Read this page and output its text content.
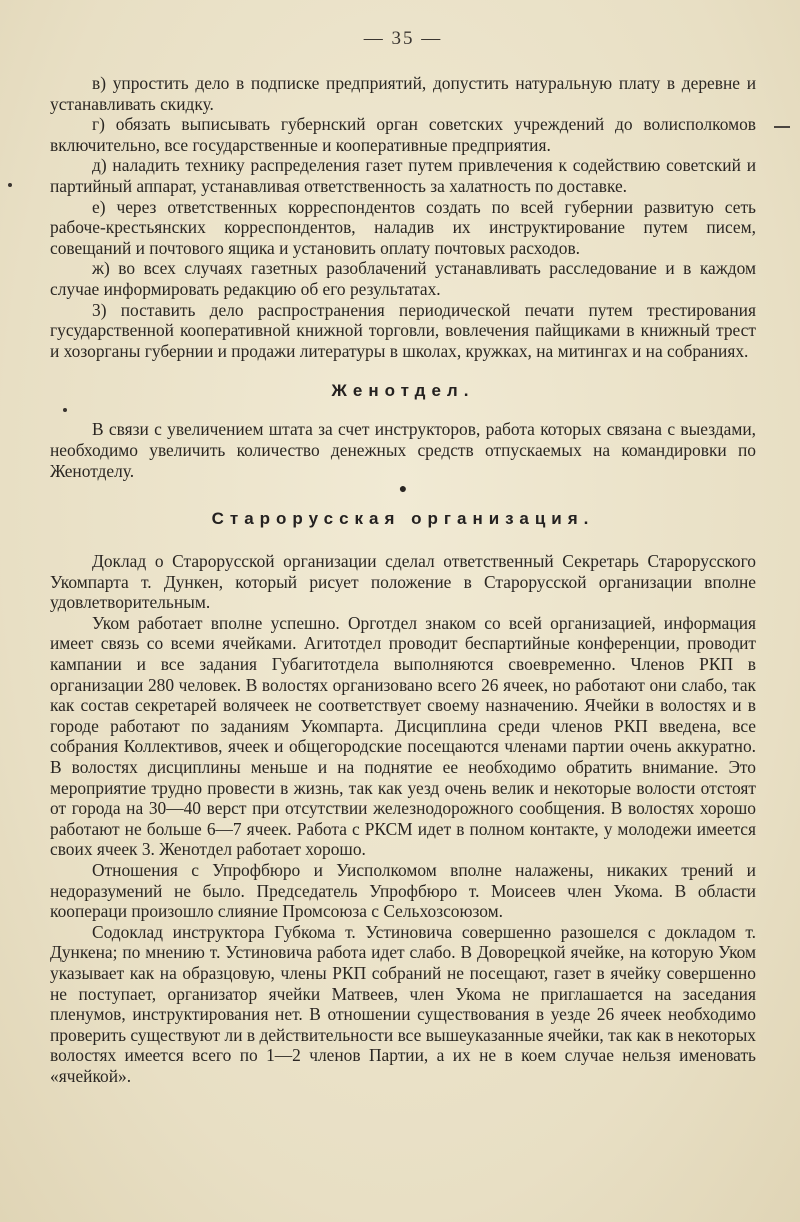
— 35 —

в) упростить дело в подписке предприятий, допустить натуральную плату в деревне и устанавливать скидку.

г) обязать выписывать губернский орган советских учреждений до волисполкомов включительно, все государственные и кооперативные предприятия.

д) наладить технику распределения газет путем привлечения к содействию советский и партийный аппарат, устанавливая ответственность за халатность по доставке.

е) через ответственных корреспондентов создать по всей губернии развитую сеть рабоче-крестьянских корреспондентов, наладив их инструктирование путем писем, совещаний и почтового ящика и установить оплату почтовых расходов.

ж) во всех случаях газетных разоблачений устанавливать расследование и в каждом случае информировать редакцию об его результатах.

3) поставить дело распространения периодической печати путем трестирования гусударственной кооперативной книжной торговли, вовлечения пайщиками в книжный трест и хозорганы губернии и продажи литературы в школах, кружках, на митингах и на собраниях.

Женотдел.

В связи с увеличением штата за счет инструкторов, работа которых связана с выездами, необходимо увеличить количество денежных средств отпускаемых на командировки по Женотделу.

●
Старорусская организация.

Доклад о Старорусской организации сделал ответственный Секретарь Старорусского Укомпарта т. Дункен, который рисует положение в Старорусской организации вполне удовлетворительным.

Уком работает вполне успешно. Орготдел знаком со всей организацией, информация имеет связь со всеми ячейками. Агитотдел проводит беспартийные конференции, проводит кампании и все задания Губагитотдела выполняются своевременно. Членов РКП в организации 280 человек. В волостях организовано всего 26 ячеек, но работают они слабо, так как состав секретарей волячеек не соответствует своему назначению. Ячейки в волостях и в городе работают по заданиям Укомпарта. Дисциплина среди членов РКП введена, все собрания Коллективов, ячеек и общегородские посещаются членами партии очень аккуратно. В волостях дисциплины меньше и на поднятие ее необходимо обратить внимание. Это мероприятие трудно провести в жизнь, так как уезд очень велик и некоторые волости отстоят от города на 30—40 верст при отсутствии железнодорожного сообщения. В волостях хорошо работают не больше 6—7 ячеек. Работа с РКСМ идет в полном контакте, у молодежи имеется своих ячеек 3. Женотдел работает хорошо.

Отношения с Упрофбюро и Уисполкомом вполне налажены, никаких трений и недоразумений не было. Председатель Упрофбюро т. Моисеев член Укома. В области коопераци произошло слияние Промсоюза с Сельхозсоюзом.

Содоклад инструктора Губкома т. Устиновича совершенно разошелся с докладом т. Дункена; по мнению т. Устиновича работа идет слабо. В Доворецкой ячейке, на которую Уком указывает как на образцовую, члены РКП собраний не посещают, газет в ячейку совершенно не поступает, организатор ячейки Матвеев, член Укома не приглашается на заседания пленумов, инструктирования нет. В отношении существования в уезде 26 ячеек необходимо проверить существуют ли в действительности все вышеуказанные ячейки, так как в некоторых волостях имеется всего по 1—2 членов Партии, а их не в коем случае нельзя именовать «ячейкой».
